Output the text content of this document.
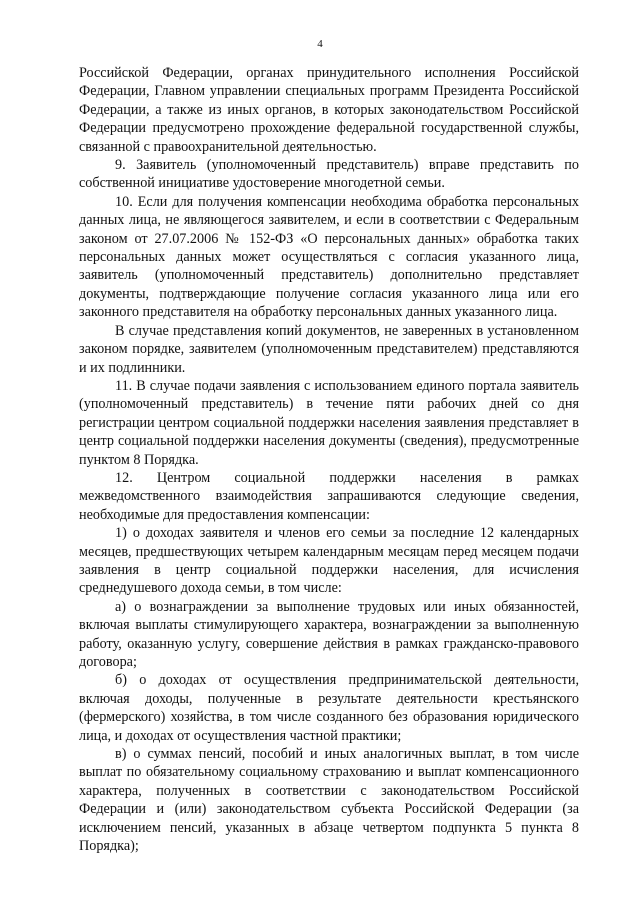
4

Российской Федерации, органах принудительного исполнения Российской Федерации, Главном управлении специальных программ Президента Российской Федерации, а также из иных органов, в которых законодательством Российской Федерации предусмотрено прохождение федеральной государственной службы, связанной с правоохранительной деятельностью.

9. Заявитель (уполномоченный представитель) вправе представить по собственной инициативе удостоверение многодетной семьи.

10. Если для получения компенсации необходима обработка персональных данных лица, не являющегося заявителем, и если в соответствии с Федеральным законом от 27.07.2006 № 152-ФЗ «О персональных данных» обработка таких персональных данных может осуществляться с согласия указанного лица, заявитель (уполномоченный представитель) дополнительно представляет документы, подтверждающие получение согласия указанного лица или его законного представителя на обработку персональных данных указанного лица.

В случае представления копий документов, не заверенных в установленном законом порядке, заявителем (уполномоченным представителем) представляются и их подлинники.

11. В случае подачи заявления с использованием единого портала заявитель (уполномоченный представитель) в течение пяти рабочих дней со дня регистрации центром социальной поддержки населения заявления представляет в центр социальной поддержки населения документы (сведения), предусмотренные пунктом 8 Порядка.

12. Центром социальной поддержки населения в рамках межведомственного взаимодействия запрашиваются следующие сведения, необходимые для предоставления компенсации:

1) о доходах заявителя и членов его семьи за последние 12 календарных месяцев, предшествующих четырем календарным месяцам перед месяцем подачи заявления в центр социальной поддержки населения, для исчисления среднедушевого дохода семьи, в том числе:

а) о вознаграждении за выполнение трудовых или иных обязанностей, включая выплаты стимулирующего характера, вознаграждении за выполненную работу, оказанную услугу, совершение действия в рамках гражданско-правового договора;

б) о доходах от осуществления предпринимательской деятельности, включая доходы, полученные в результате деятельности крестьянского (фермерского) хозяйства, в том числе созданного без образования юридического лица, и доходах от осуществления частной практики;

в) о суммах пенсий, пособий и иных аналогичных выплат, в том числе выплат по обязательному социальному страхованию и выплат компенсационного характера, полученных в соответствии с законодательством Российской Федерации и (или) законодательством субъекта Российской Федерации (за исключением пенсий, указанных в абзаце четвертом подпункта 5 пункта 8 Порядка);
